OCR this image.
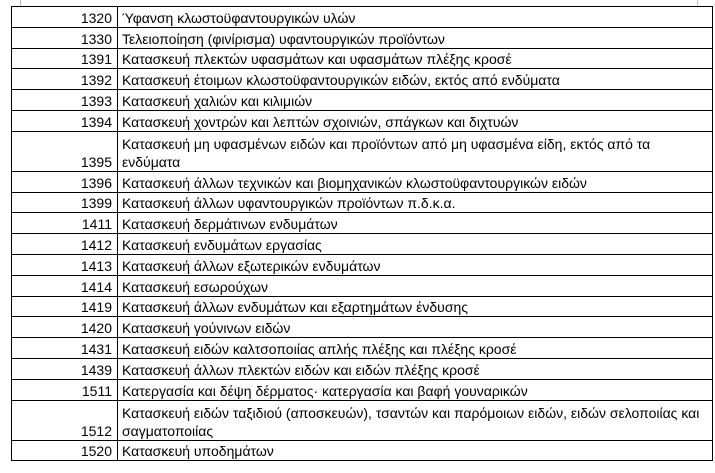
1320	Ύφανση κλωστοϋφαντουργικών υλών
1330	Τελειοποίηση (φινίρισμα) υφαντουργικών προϊόντων
1391	Κατασκευή πλεκτών υφασμάτων και υφασμάτων πλέξης κροσέ
1392	Κατασκευή έτοιμων κλωστοϋφαντουργικών ειδών, εκτός από ενδύματα
1393	Κατασκευή χαλιών και κιλιμιών
1394	Κατασκευή χοντρών και λεπτών σχοινιών, σπάγκων και διχτυών
1395	Κατασκευή μη υφασμένων ειδών και προϊόντων από μη υφασμένα είδη, εκτός από τα ενδύματα
1396	Κατασκευή άλλων τεχνικών και βιομηχανικών κλωστοϋφαντουργικών ειδών
1399	Κατασκευή άλλων υφαντουργικών προϊόντων π.δ.κ.α.
1411	Κατασκευή δερμάτινων ενδυμάτων
1412	Κατασκευή ενδυμάτων εργασίας
1413	Κατασκευή άλλων εξωτερικών ενδυμάτων
1414	Κατασκευή εσωρούχων
1419	Κατασκευή άλλων ενδυμάτων και εξαρτημάτων ένδυσης
1420	Κατασκευή γούνινων ειδών
1431	Κατασκευή ειδών καλτσοποιίας απλής πλέξης και πλέξης κροσέ
1439	Κατασκευή άλλων πλεκτών ειδών και ειδών πλέξης κροσέ
1511	Κατεργασία και δέψη δέρματος· κατεργασία και βαφή γουναρικών
1512	Κατασκευή ειδών ταξιδιού (αποσκευών), τσαντών και παρόμοιων ειδών, ειδών σελοποιίας και σαγματοποιίας
1520	Κατασκευή υποδημάτων
